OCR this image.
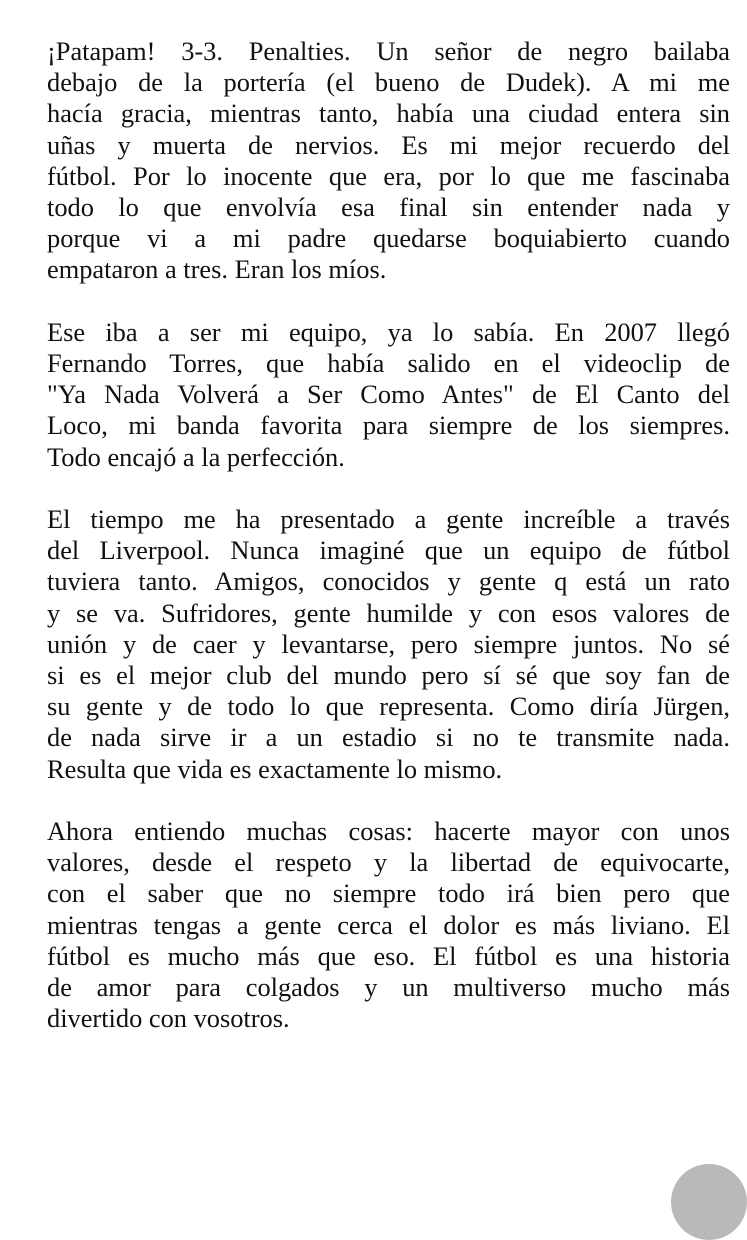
¡Patapam! 3-3. Penalties. Un señor de negro bailaba
debajo de la portería (el bueno de Dudek). A mi me
hacía gracia, mientras tanto, había una ciudad entera sin
uñas y muerta de nervios. Es mi mejor recuerdo del
fútbol. Por lo inocente que era, por lo que me fascinaba
todo lo que envolvía esa final sin entender nada y
porque vi a mi padre quedarse boquiabierto cuando
empataron a tres. Eran los míos.

Ese iba a ser mi equipo, ya lo sabía. En 2007 llegó
Fernando Torres, que había salido en el videoclip de
"Ya Nada Volverá a Ser Como Antes" de El Canto del
Loco, mi banda favorita para siempre de los siempres.
Todo encajó a la perfección.

El tiempo me ha presentado a gente increíble a través
del Liverpool. Nunca imaginé que un equipo de fútbol
tuviera tanto. Amigos, conocidos y gente q está un rato
y se va. Sufridores, gente humilde y con esos valores de
unión y de caer y levantarse, pero siempre juntos. No sé
si es el mejor club del mundo pero sí sé que soy fan de
su gente y de todo lo que representa. Como diría Jürgen,
de nada sirve ir a un estadio si no te transmite nada.
Resulta que vida es exactamente lo mismo.

Ahora entiendo muchas cosas: hacerte mayor con unos
valores, desde el respeto y la libertad de equivocarte,
con el saber que no siempre todo irá bien pero que
mientras tengas a gente cerca el dolor es más liviano. El
fútbol es mucho más que eso. El fútbol es una historia
de amor para colgados y un multiverso mucho más
divertido con vosotros.
